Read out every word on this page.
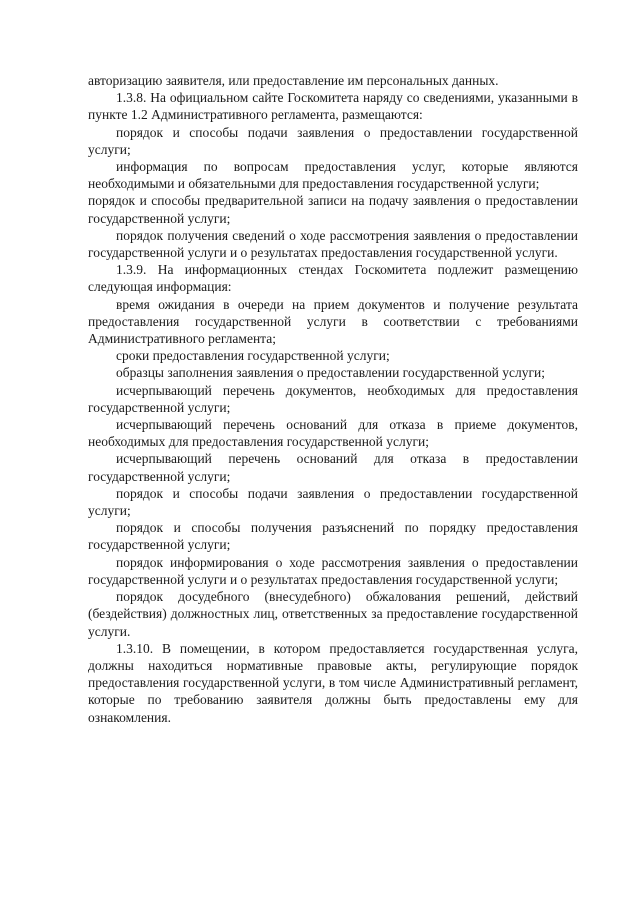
авторизацию заявителя, или предоставление им персональных данных.

1.3.8. На официальном сайте Госкомитета наряду со сведениями, указанными в пункте 1.2 Административного регламента, размещаются:

порядок и способы подачи заявления о предоставлении государственной услуги;

информация по вопросам предоставления услуг, которые являются необходимыми и обязательными для предоставления государственной услуги;

порядок и способы предварительной записи на подачу заявления о предоставлении государственной услуги;

порядок получения сведений о ходе рассмотрения заявления о предоставлении государственной услуги и о результатах предоставления государственной услуги.

1.3.9. На информационных стендах Госкомитета подлежит размещению следующая информация:

время ожидания в очереди на прием документов и получение результата предоставления государственной услуги в соответствии с требованиями Административного регламента;

сроки предоставления государственной услуги;

образцы заполнения заявления о предоставлении государственной услуги;

исчерпывающий перечень документов, необходимых для предоставления государственной услуги;

исчерпывающий перечень оснований для отказа в приеме документов, необходимых для предоставления государственной услуги;

исчерпывающий перечень оснований для отказа в предоставлении государственной услуги;

порядок и способы подачи заявления о предоставлении государственной услуги;

порядок и способы получения разъяснений по порядку предоставления государственной услуги;

порядок информирования о ходе рассмотрения заявления о предоставлении государственной услуги и о результатах предоставления государственной услуги;

порядок досудебного (внесудебного) обжалования решений, действий (бездействия) должностных лиц, ответственных за предоставление государственной услуги.

1.3.10. В помещении, в котором предоставляется государственная услуга, должны находиться нормативные правовые акты, регулирующие порядок предоставления государственной услуги, в том числе Административный регламент, которые по требованию заявителя должны быть предоставлены ему для ознакомления.
